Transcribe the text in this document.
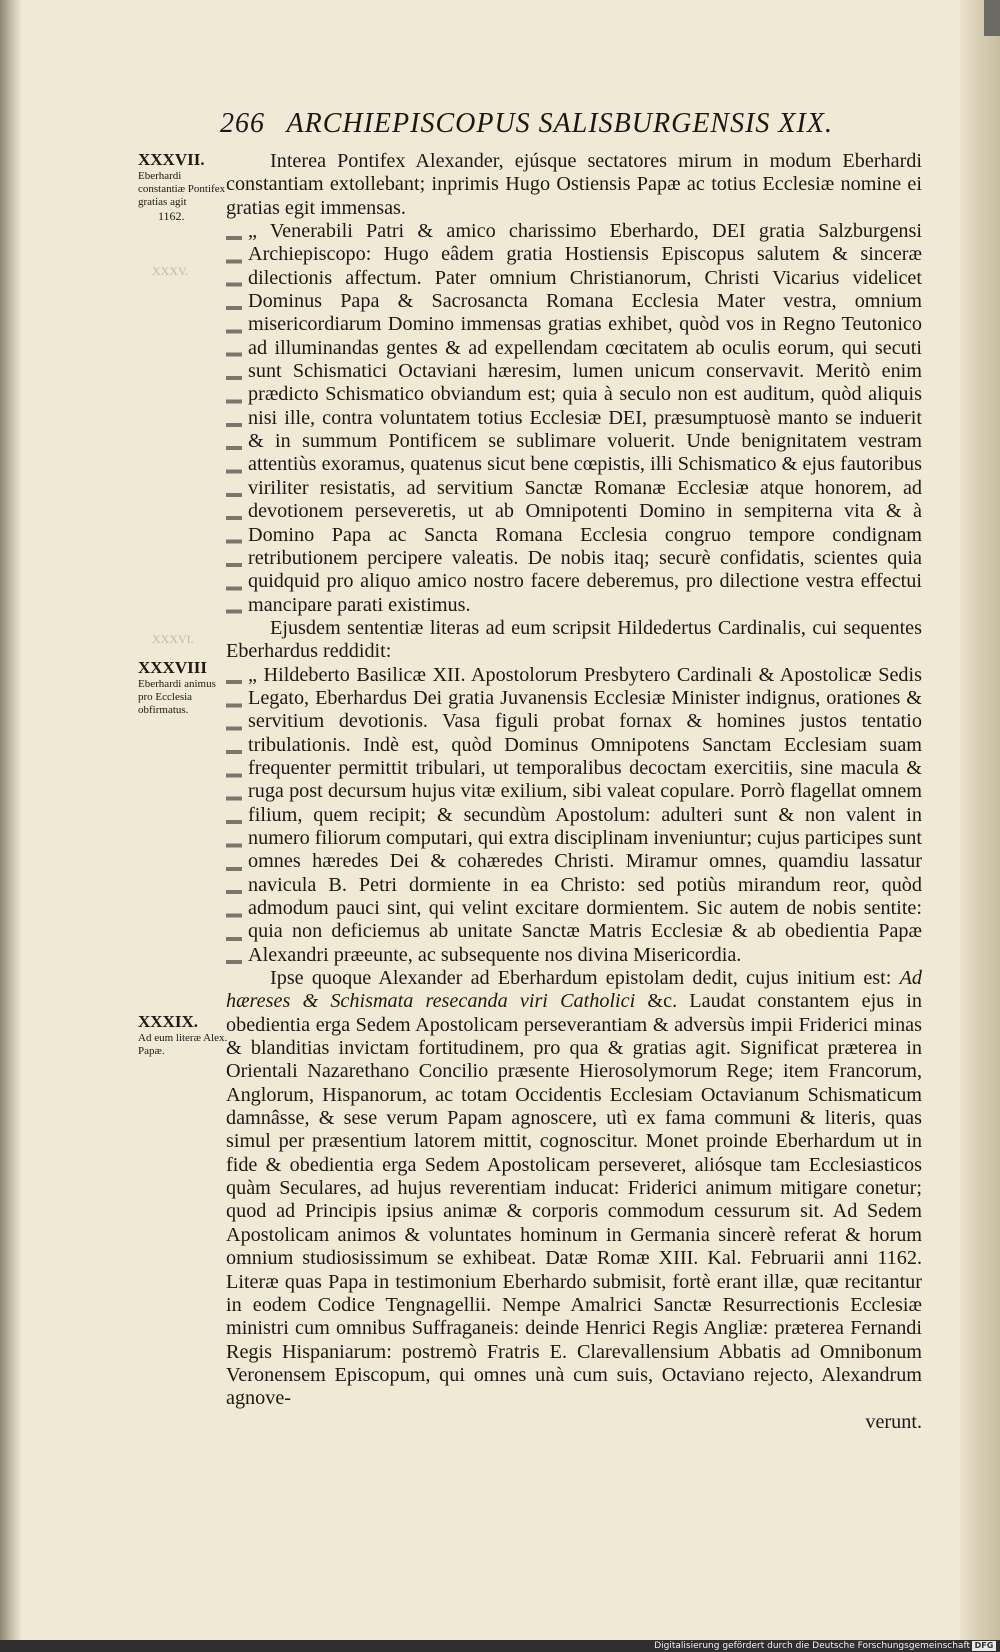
266 ARCHIEPISCOPUS SALISBURGENSIS XIX.
XXXVII.
Eberhardi constantiæ Pontifex gratias agit
1162.
XXXVIII
Eberhardi animus pro Ecclesia obfirmatus.
XXXIX.
Ad eum literæ Alex. Papæ.
XXXVI.
XXXV.

Interea Pontifex Alexander, ejúsque sectatores mirum in modum Eberhardi constantiam extollebant; inprimis Hugo Ostiensis Papæ ac totius Ecclesiæ nomine ei gratias egit immensas.

„ Venerabili Patri & amico charissimo Eberhardo, DEI gratia Salzburgensi Archiepiscopo: Hugo eâdem gratia Hostiensis Episcopus salutem & sinceræ dilectionis affectum. Pater omnium Christianorum, Christi Vicarius videlicet Dominus Papa & Sacrosancta Romana Ecclesia Mater vestra, omnium misericordiarum Domino immensas gratias exhibet, quòd vos in Regno Teutonico ad illuminandas gentes & ad expellendam cœcitatem ab oculis eorum, qui secuti sunt Schismatici Octaviani hæresim, lumen unicum conservavit. Meritò enim prædicto Schismatico obviandum est; quia à seculo non est auditum, quòd aliquis nisi ille, contra voluntatem totius Ecclesiæ DEI, præsumptuosè manto se induerit & in summum Pontificem se sublimare voluerit. Unde benignitatem vestram attentiùs exoramus, quatenus sicut bene cœpistis, illi Schismatico & ejus fautoribus viriliter resistatis, ad servitium Sanctæ Romanæ Ecclesiæ atque honorem, ad devotionem perseveretis, ut ab Omnipotenti Domino in sempiterna vita & à Domino Papa ac Sancta Romana Ecclesia congruo tempore condignam retributionem percipere valeatis. De nobis itaq; securè confidatis, scientes quia quidquid pro aliquo amico nostro facere deberemus, pro dilectione vestra effectui mancipare parati existimus.

Ejusdem sententiæ literas ad eum scripsit Hildedertus Cardinalis, cui sequentes Eberhardus reddidit:

„ Hildeberto Basilicæ XII. Apostolorum Presbytero Cardinali & Apostolicæ Sedis Legato, Eberhardus Dei gratia Juvanensis Ecclesiæ Minister indignus, orationes & servitium devotionis. Vasa figuli probat fornax & homines justos tentatio tribulationis. Indè est, quòd Dominus Omnipotens Sanctam Ecclesiam suam frequenter permittit tribulari, ut temporalibus decoctam exercitiis, sine macula & ruga post decursum hujus vitæ exilium, sibi valeat copulare. Porrò flagellat omnem filium, quem recipit; & secundùm Apostolum: adulteri sunt & non valent in numero filiorum computari, qui extra disciplinam inveniuntur; cujus participes sunt omnes hæredes Dei & cohæredes Christi. Miramur omnes, quamdiu lassatur navicula B. Petri dormiente in ea Christo: sed potiùs mirandum reor, quòd admodum pauci sint, qui velint excitare dormientem. Sic autem de nobis sentite: quia non deficiemus ab unitate Sanctæ Matris Ecclesiæ & ab obedientia Papæ Alexandri præeunte, ac subsequente nos divina Misericordia.

Ipse quoque Alexander ad Eberhardum epistolam dedit, cujus initium est: Ad hæreses & Schismata resecanda viri Catholici &c. Laudat constantem ejus in obedientia erga Sedem Apostolicam perseverantiam & adversùs impii Friderici minas & blanditias invictam fortitudinem, pro qua & gratias agit. Significat præterea in Orientali Nazarethano Concilio præsente Hierosolymorum Rege; item Francorum, Anglorum, Hispanorum, ac totam Occidentis Ecclesiam Octavianum Schismaticum damnâsse, & sese verum Papam agnoscere, utì ex fama communi & literis, quas simul per præsentium latorem mittit, cognoscitur. Monet proinde Eberhardum ut in fide & obedientia erga Sedem Apostolicam perseveret, aliósque tam Ecclesiasticos quàm Seculares, ad hujus reverentiam inducat: Friderici animum mitigare conetur; quod ad Principis ipsius animæ & corporis commodum cessurum sit. Ad Sedem Apostolicam animos & voluntates hominum in Germania sincerè referat & horum omnium studiosissimum se exhibeat. Datæ Romæ XIII. Kal. Februarii anni 1162. Literæ quas Papa in testimonium Eberhardo submisit, fortè erant illæ, quæ recitantur in eodem Codice Tengnagellii. Nempe Amalrici Sanctæ Resurrectionis Ecclesiæ ministri cum omnibus Suffraganeis: deinde Henrici Regis Angliæ: præterea Fernandi Regis Hispaniarum: postremò Fratris E. Clarevallensium Abbatis ad Omnibonum Veronensem Episcopum, qui omnes unà cum suis, Octaviano rejecto, Alexandrum agnove-

verunt.

Digitalisierung gefördert durch die Deutsche Forschungsgemeinschaft DFG
